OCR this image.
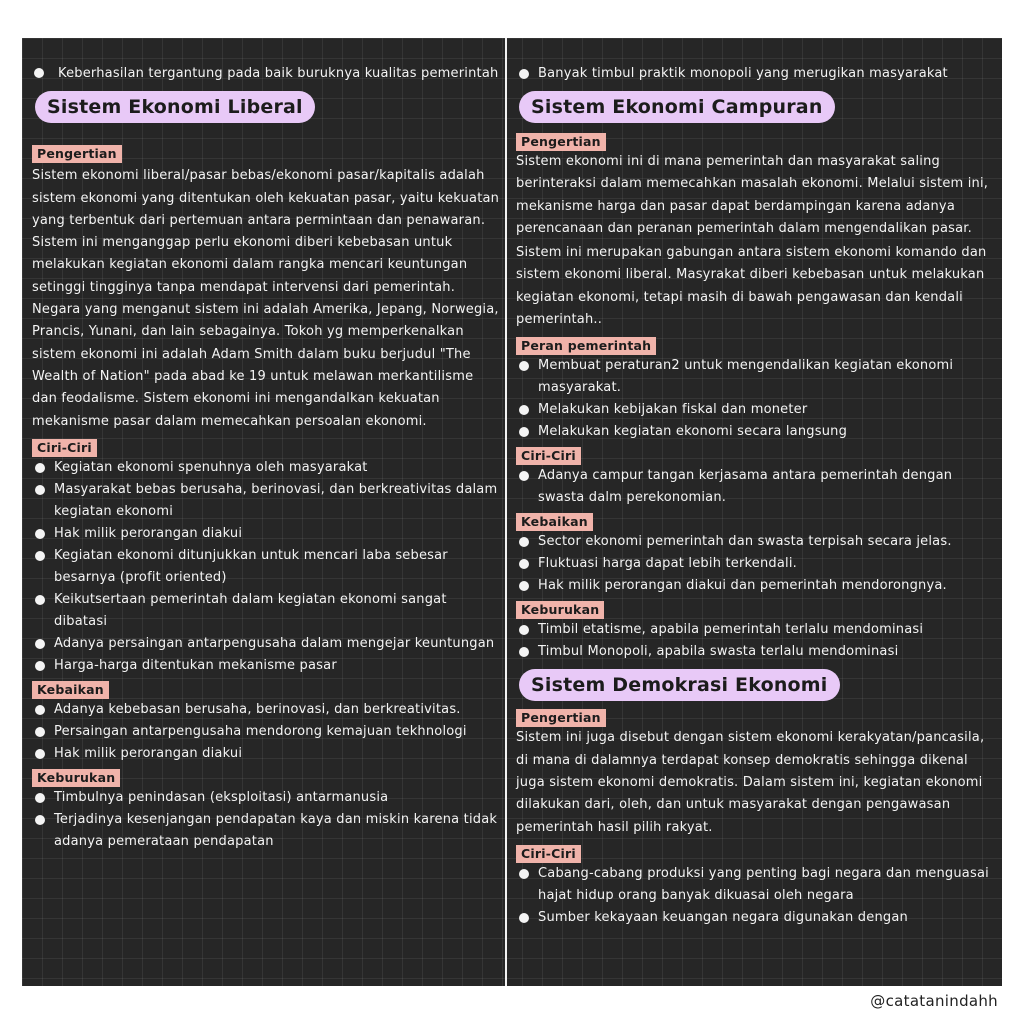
Keberhasilan tergantung pada baik buruknya kualitas pemerintah
Sistem Ekonomi Liberal
Pengertian
Sistem ekonomi liberal/pasar bebas/ekonomi pasar/kapitalis adalah sistem ekonomi yang ditentukan oleh kekuatan pasar, yaitu kekuatan yang terbentuk dari pertemuan antara permintaan dan penawaran. Sistem ini menganggap perlu ekonomi diberi kebebasan untuk melakukan kegiatan ekonomi dalam rangka mencari keuntungan setinggi tingginya tanpa mendapat intervensi dari pemerintah. Negara yang menganut sistem ini adalah Amerika, Jepang, Norwegia, Prancis, Yunani, dan lain sebagainya. Tokoh yg memperkenalkan sistem ekonomi ini adalah Adam Smith dalam buku berjudul "The Wealth of Nation" pada abad ke 19 untuk melawan merkantilisme dan feodalisme. Sistem ekonomi ini mengandalkan kekuatan mekanisme pasar dalam memecahkan persoalan ekonomi.
Ciri-Ciri
Kegiatan ekonomi spenuhnya oleh masyarakat
Masyarakat bebas berusaha, berinovasi, dan berkreativitas dalam kegiatan ekonomi
Hak milik perorangan diakui
Kegiatan ekonomi ditunjukkan untuk mencari laba sebesar besarnya (profit oriented)
Keikutsertaan pemerintah dalam kegiatan ekonomi sangat dibatasi
Adanya persaingan antarpengusaha dalam mengejar keuntungan
Harga-harga ditentukan mekanisme pasar
Kebaikan
Adanya kebebasan berusaha, berinovasi, dan berkreativitas.
Persaingan antarpengusaha mendorong kemajuan tekhnologi
Hak milik perorangan diakui
Keburukan
Timbulnya penindasan (eksploitasi) antarmanusia
Terjadinya kesenjangan pendapatan kaya dan miskin karena tidak adanya pemerataan pendapatan
Banyak timbul praktik monopoli yang merugikan masyarakat
Sistem Ekonomi Campuran
Pengertian
Sistem ekonomi ini di mana pemerintah dan masyarakat saling berinteraksi dalam memecahkan masalah ekonomi. Melalui sistem ini, mekanisme harga dan pasar dapat berdampingan karena adanya perencanaan dan peranan pemerintah dalam mengendalikan pasar.
Sistem ini merupakan gabungan antara sistem ekonomi komando dan sistem ekonomi liberal. Masyrakat diberi kebebasan untuk melakukan kegiatan ekonomi, tetapi masih di bawah pengawasan dan kendali pemerintah..
Peran pemerintah
Membuat peraturan2 untuk mengendalikan kegiatan ekonomi masyarakat.
Melakukan kebijakan fiskal dan moneter
Melakukan kegiatan ekonomi secara langsung
Ciri-Ciri
Adanya campur tangan kerjasama antara pemerintah dengan swasta dalm perekonomian.
Kebaikan
Sector ekonomi pemerintah dan swasta terpisah secara jelas.
Fluktuasi harga dapat lebih terkendali.
Hak milik perorangan diakui dan pemerintah mendorongnya.
Keburukan
Timbil etatisme, apabila pemerintah terlalu mendominasi
Timbul Monopoli, apabila swasta terlalu mendominasi
Sistem Demokrasi Ekonomi
Pengertian
Sistem ini juga disebut dengan sistem ekonomi kerakyatan/pancasila, di mana di dalamnya terdapat konsep demokratis sehingga dikenal juga sistem ekonomi demokratis. Dalam sistem ini, kegiatan ekonomi dilakukan dari, oleh, dan untuk masyarakat dengan pengawasan pemerintah hasil pilih rakyat.
Ciri-Ciri
Cabang-cabang produksi yang penting bagi negara dan menguasai hajat hidup orang banyak dikuasai oleh negara
Sumber kekayaan keuangan negara digunakan dengan
@catatanindahh
